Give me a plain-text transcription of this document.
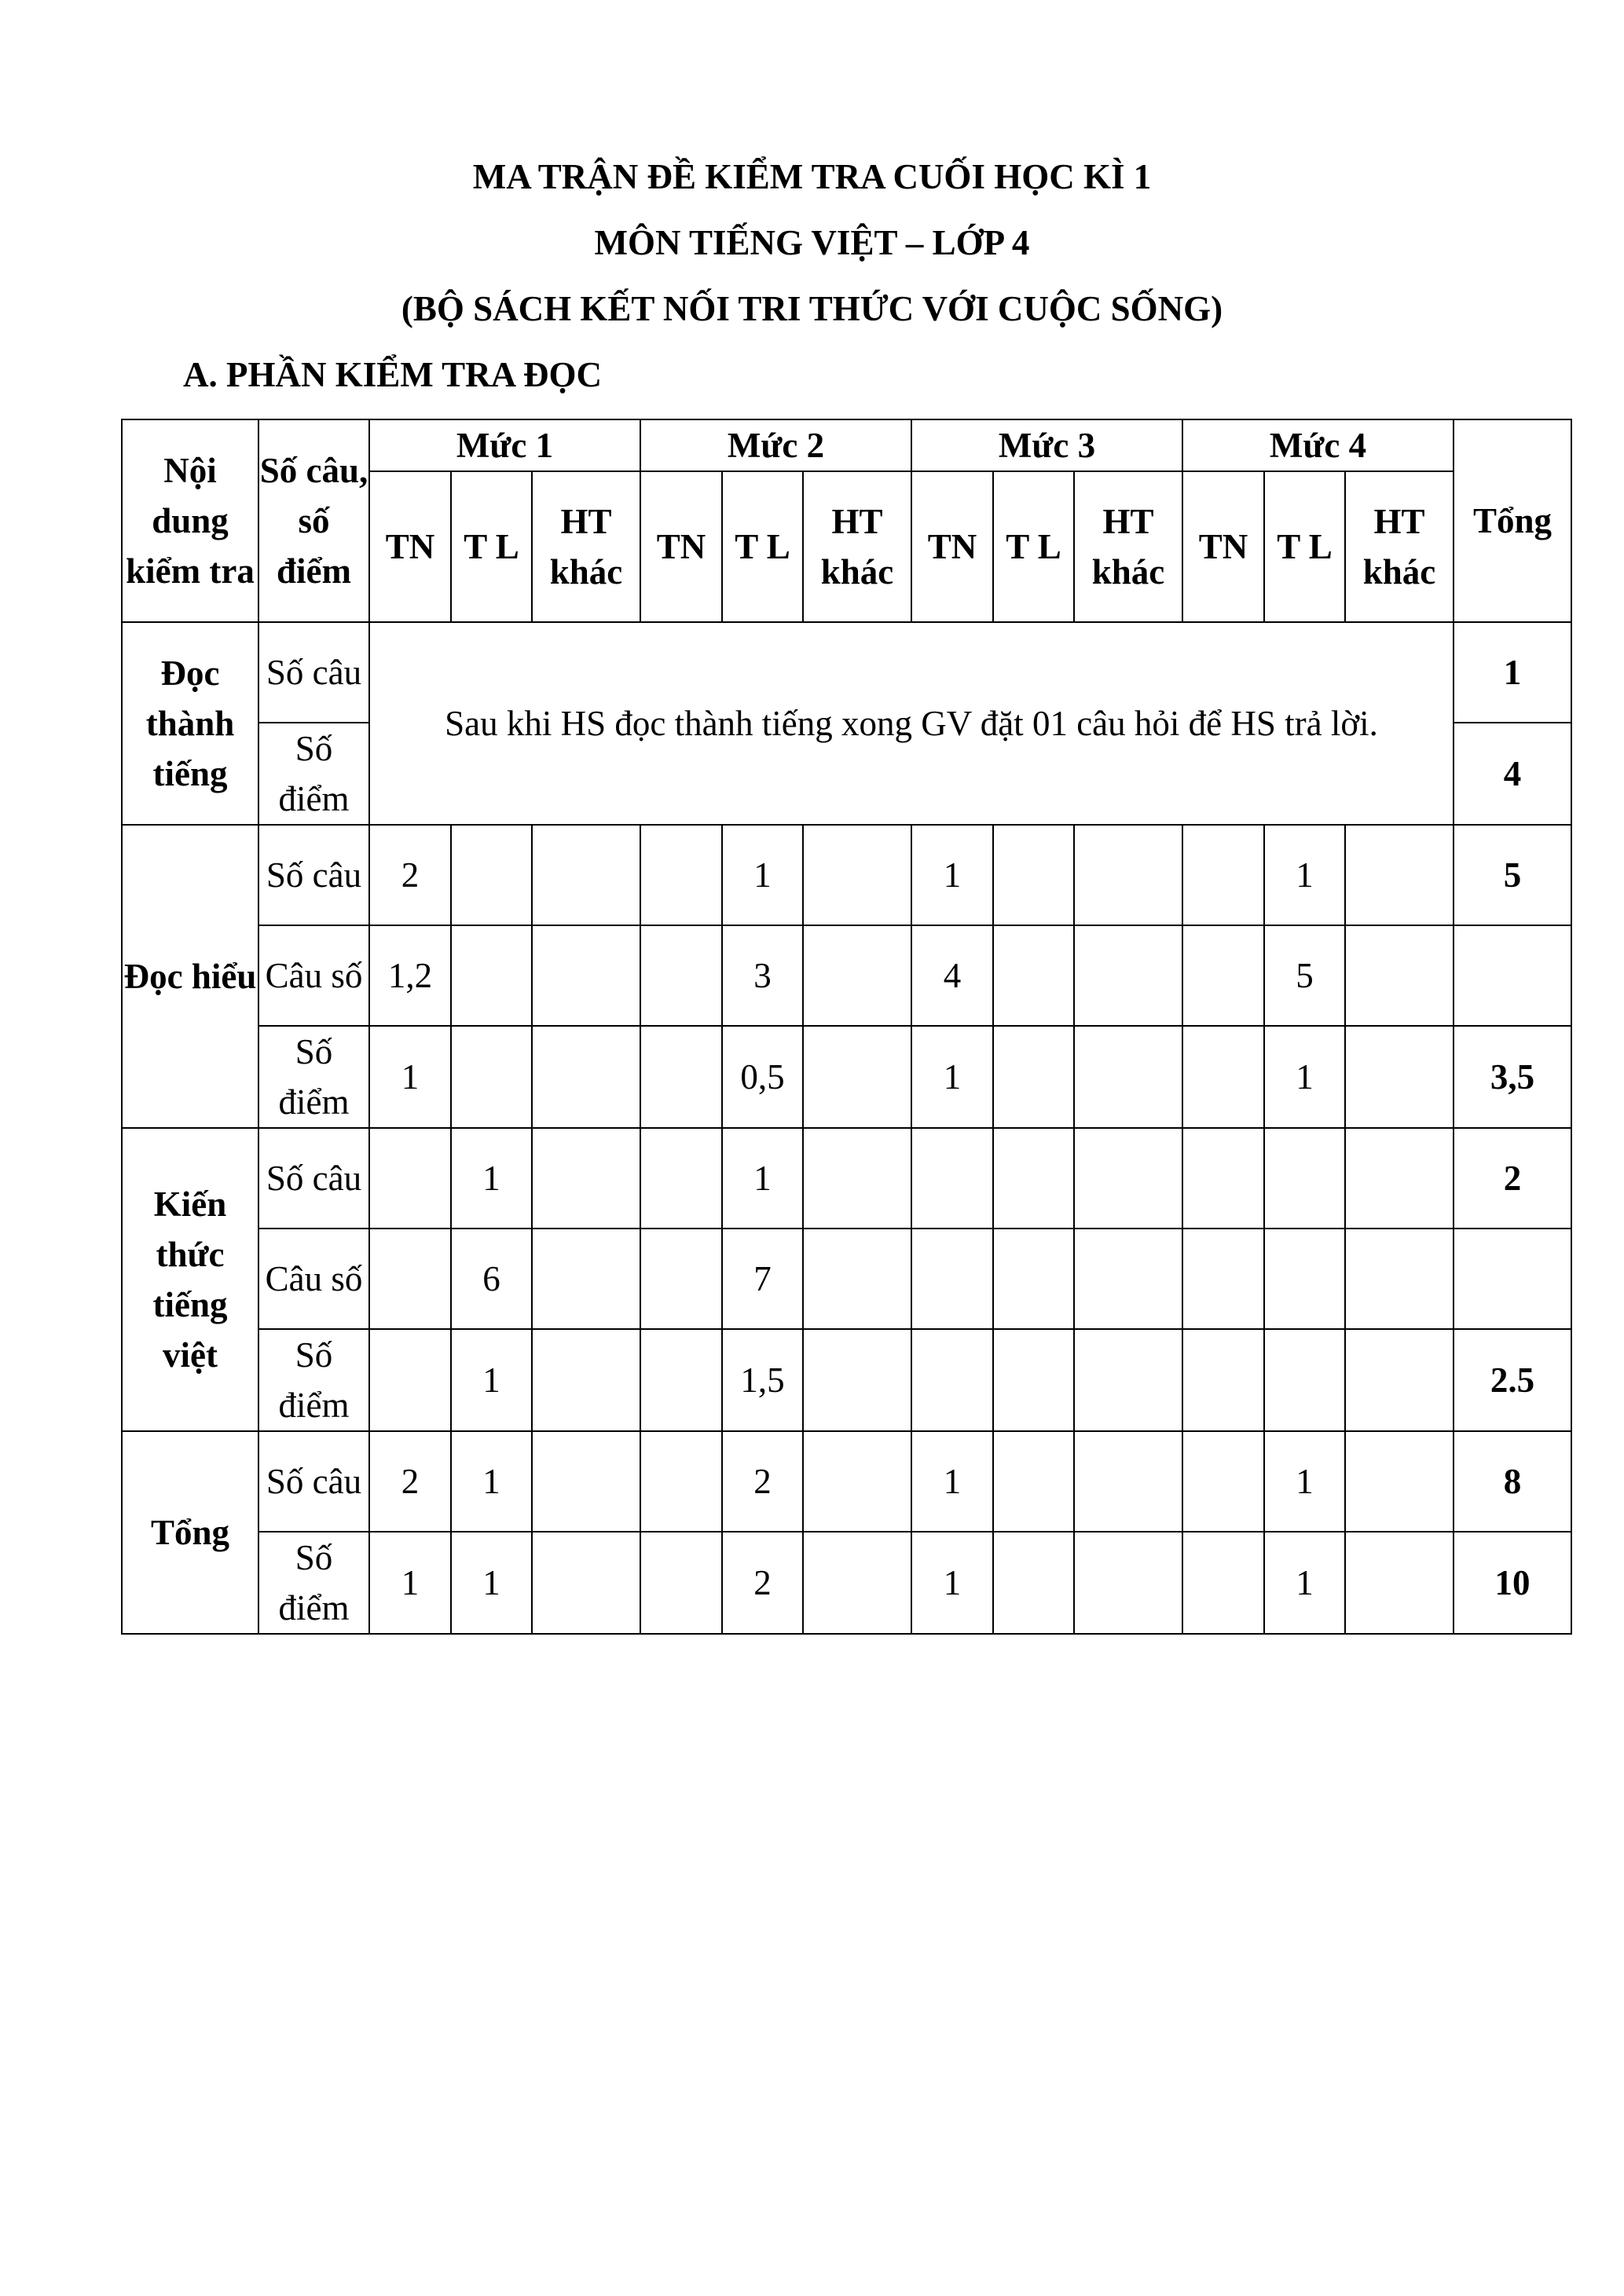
MA TRẬN ĐỀ KIỂM TRA CUỐI HỌC KÌ 1

MÔN TIẾNG VIỆT – LỚP 4

(BỘ SÁCH KẾT NỐI TRI THỨC VỚI CUỘC SỐNG)

A. PHẦN KIỂM TRA ĐỌC

Nội dung kiểm tra	Số câu, số điểm	Mức 1			Mức 2			Mức 3			Mức 4			Tổng
		TN	T L	HT khác	TN	T L	HT khác	TN	T L	HT khác	TN	T L	HT khác	
Đọc thành tiếng	Số câu	Sau khi HS đọc thành tiếng xong GV đặt 01 câu hỏi để HS trả lời.												1
	Số điểm													4
Đọc hiểu	Số câu	2				1		1				1		5
	Câu số	1,2				3		4				5		
	Số điểm	1				0,5		1				1		3,5
Kiến thức tiếng việt	Số câu		1			1								2
	Câu số		6			7								
	Số điểm		1			1,5								2.5
Tổng	Số câu	2	1			2		1				1		8
	Số điểm	1	1			2		1				1		10
